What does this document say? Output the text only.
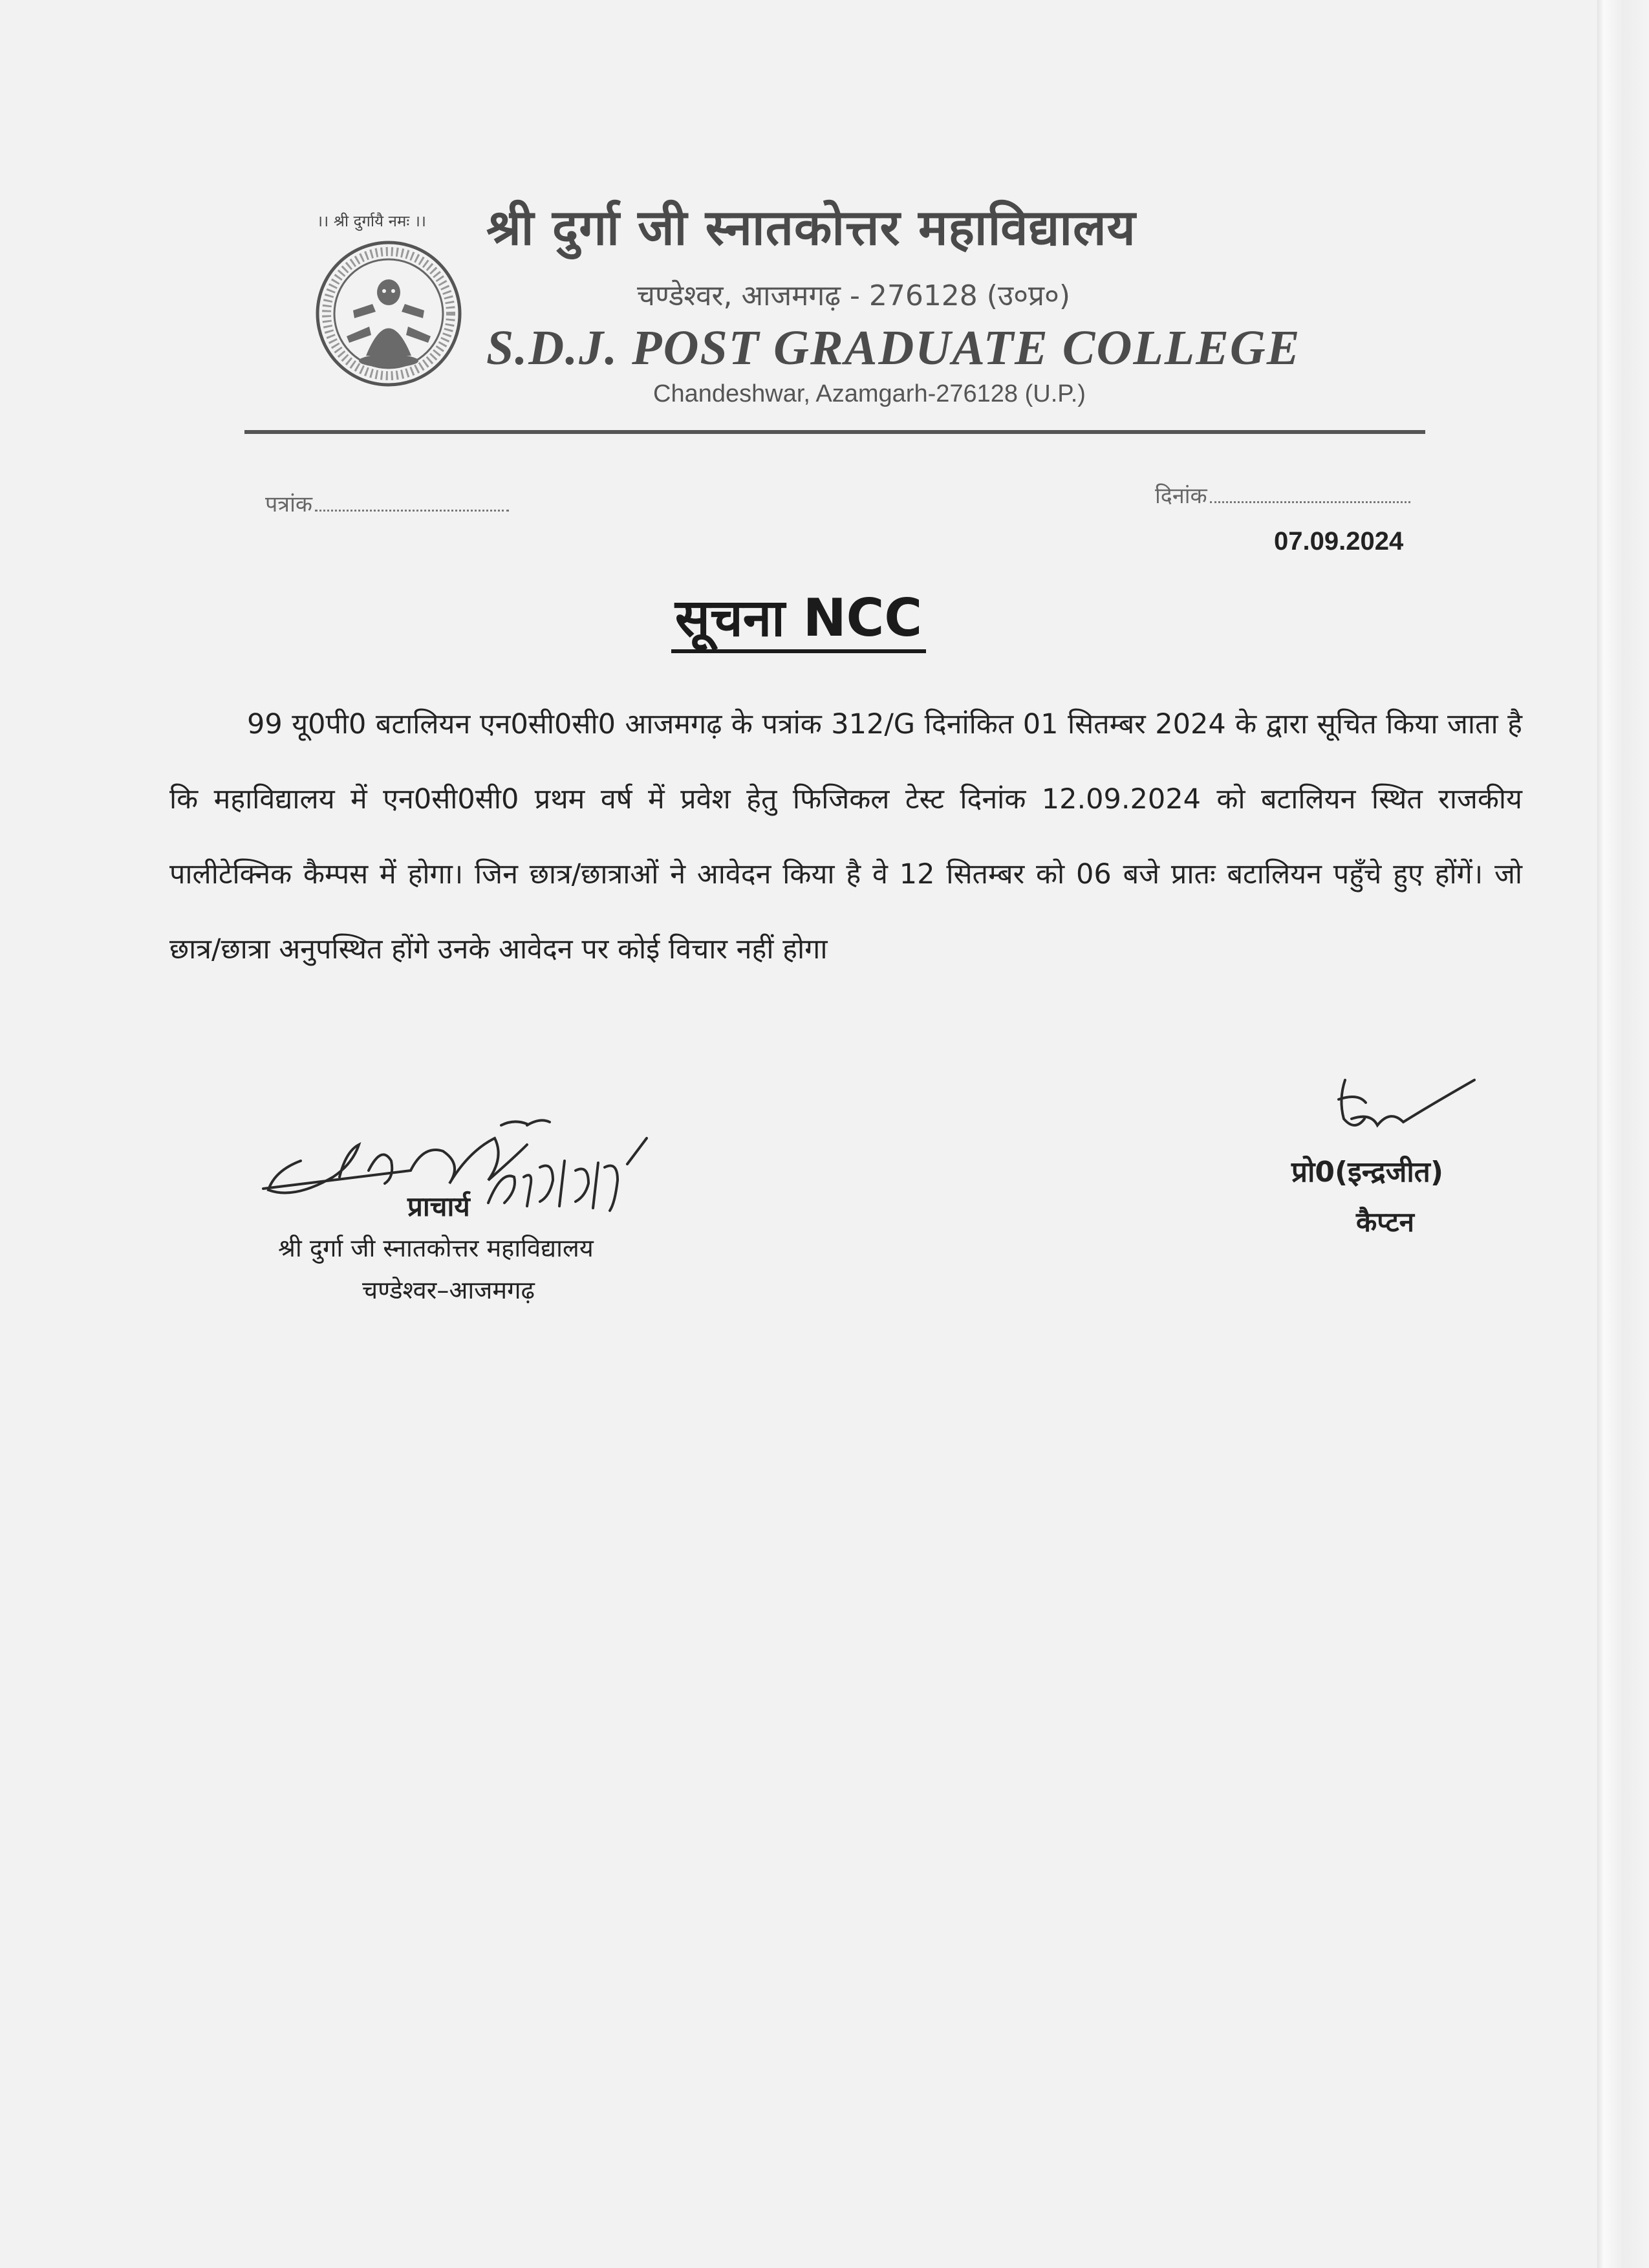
।। श्री दुर्गायै नमः ।। श्री दुर्गा जी स्नातकोत्तर महाविद्यालय
चण्डेश्वर, आजमगढ़ - 276128 (उ०प्र०)
S.D.J. POST GRADUATE COLLEGE
Chandeshwar, Azamgarh-276128 (U.P.)
पत्रांक	दिनांक
07.09.2024
सूचना NCC
99 यू0पी0 बटालियन एन0सी0सी0 आजमगढ़ के पत्रांक 312/G दिनांकित 01 सितम्बर 2024 के द्वारा सूचित किया जाता है कि महाविद्यालय में एन0सी0सी0 प्रथम वर्ष में प्रवेश हेतु फिजिकल टेस्ट दिनांक 12.09.2024 को बटालियन स्थित राजकीय पालीटेक्निक कैम्पस में होगा। जिन छात्र/छात्राओं ने आवेदन किया है वे 12 सितम्बर को 06 बजे प्रातः बटालियन पहुँचे हुए होंगें। जो छात्र/छात्रा अनुपस्थित होंगे उनके आवेदन पर कोई विचार नहीं होगा
प्राचार्य
श्री दुर्गा जी स्नातकोत्तर महाविद्यालय
चण्डेश्वर–आजमगढ़
प्रो0(इन्द्रजीत)
कैप्टन
